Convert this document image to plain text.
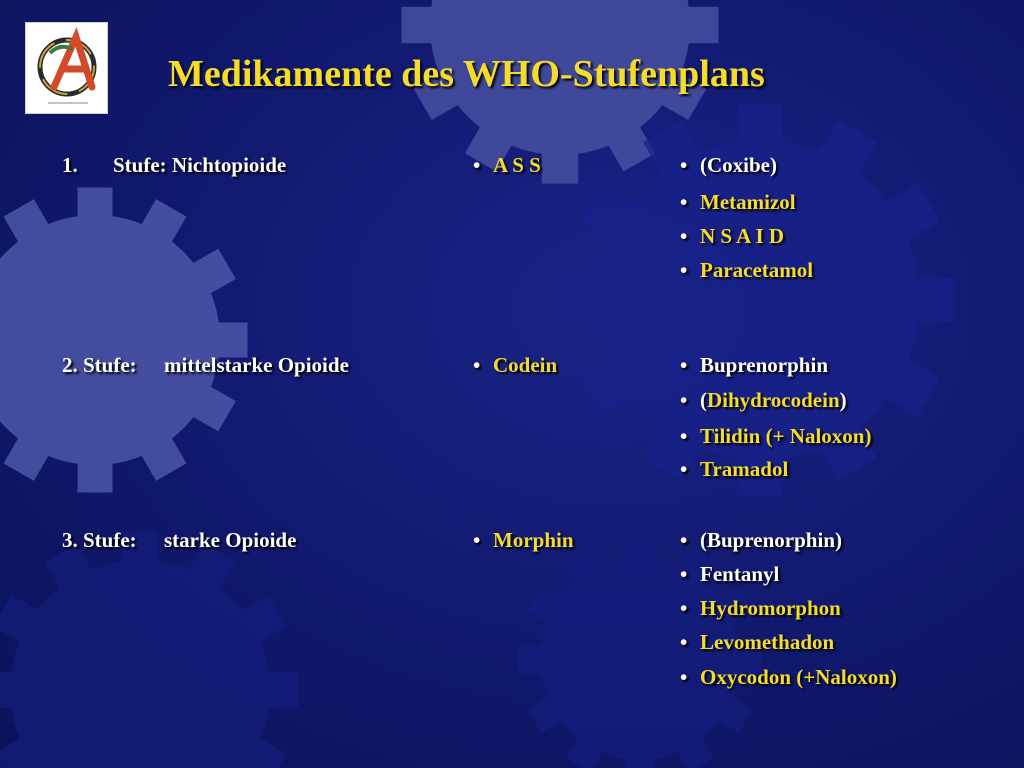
Medikamente des WHO-Stufenplans
1. Stufe: Nichtopioide	• A S S	• (Coxibe)
• Metamizol
• N S A I D
• Paracetamol
2. Stufe: mittelstarke Opioide	• Codein	• Buprenorphin
• (Dihydrocodein)
• Tilidin (+ Naloxon)
• Tramadol
3. Stufe: starke Opioide	• Morphin	• (Buprenorphin)
• Fentanyl
• Hydromorphon
• Levomethadon
• Oxycodon (+Naloxon)
